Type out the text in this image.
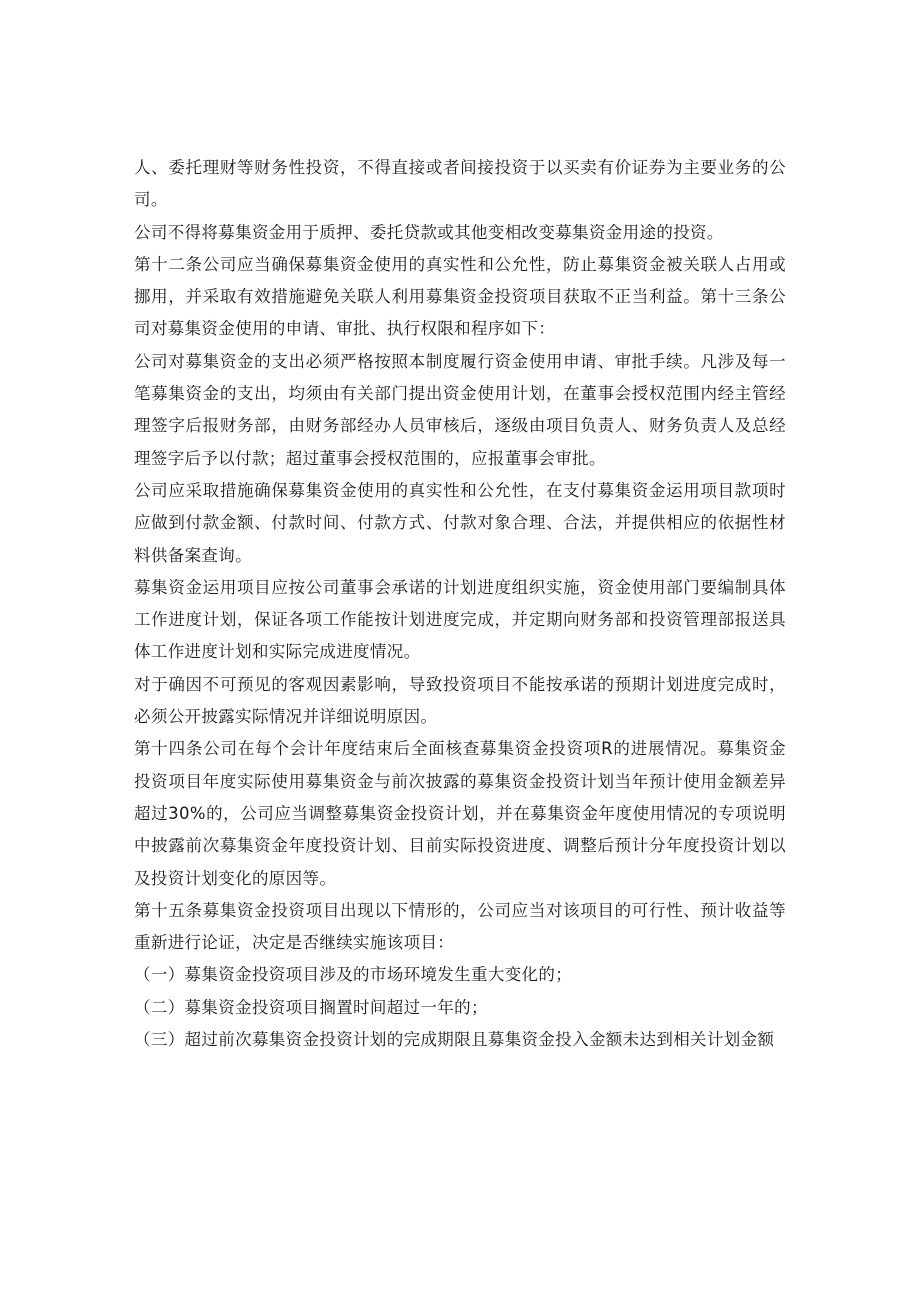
人、委托理财等财务性投资，不得直接或者间接投资于以买卖有价证券为主要业务的公司。

公司不得将募集资金用于质押、委托贷款或其他变相改变募集资金用途的投资。

第十二条公司应当确保募集资金使用的真实性和公允性，防止募集资金被关联人占用或挪用，并采取有效措施避免关联人利用募集资金投资项目获取不正当利益。第十三条公司对募集资金使用的申请、审批、执行权限和程序如下：

公司对募集资金的支出必须严格按照本制度履行资金使用申请、审批手续。凡涉及每一笔募集资金的支出，均须由有关部门提出资金使用计划，在董事会授权范围内经主管经理签字后报财务部，由财务部经办人员审核后，逐级由项目负责人、财务负责人及总经理签字后予以付款；超过董事会授权范围的，应报董事会审批。

公司应采取措施确保募集资金使用的真实性和公允性，在支付募集资金运用项目款项时应做到付款金额、付款时间、付款方式、付款对象合理、合法，并提供相应的依据性材料供备案查询。

募集资金运用项目应按公司董事会承诺的计划进度组织实施，资金使用部门要编制具体工作进度计划，保证各项工作能按计划进度完成，并定期向财务部和投资管理部报送具体工作进度计划和实际完成进度情况。

对于确因不可预见的客观因素影响，导致投资项目不能按承诺的预期计划进度完成时，必须公开披露实际情况并详细说明原因。

第十四条公司在每个会计年度结束后全面核查募集资金投资项R的进展情况。募集资金投资项目年度实际使用募集资金与前次披露的募集资金投资计划当年预计使用金额差异超过30%的，公司应当调整募集资金投资计划，并在募集资金年度使用情况的专项说明中披露前次募集资金年度投资计划、目前实际投资进度、调整后预计分年度投资计划以及投资计划变化的原因等。

第十五条募集资金投资项目出现以下情形的，公司应当对该项目的可行性、预计收益等重新进行论证，决定是否继续实施该项目：

（一）募集资金投资项目涉及的市场环境发生重大变化的；

（二）募集资金投资项目搁置时间超过一年的；

（三）超过前次募集资金投资计划的完成期限且募集资金投入金额未达到相关计划金额
